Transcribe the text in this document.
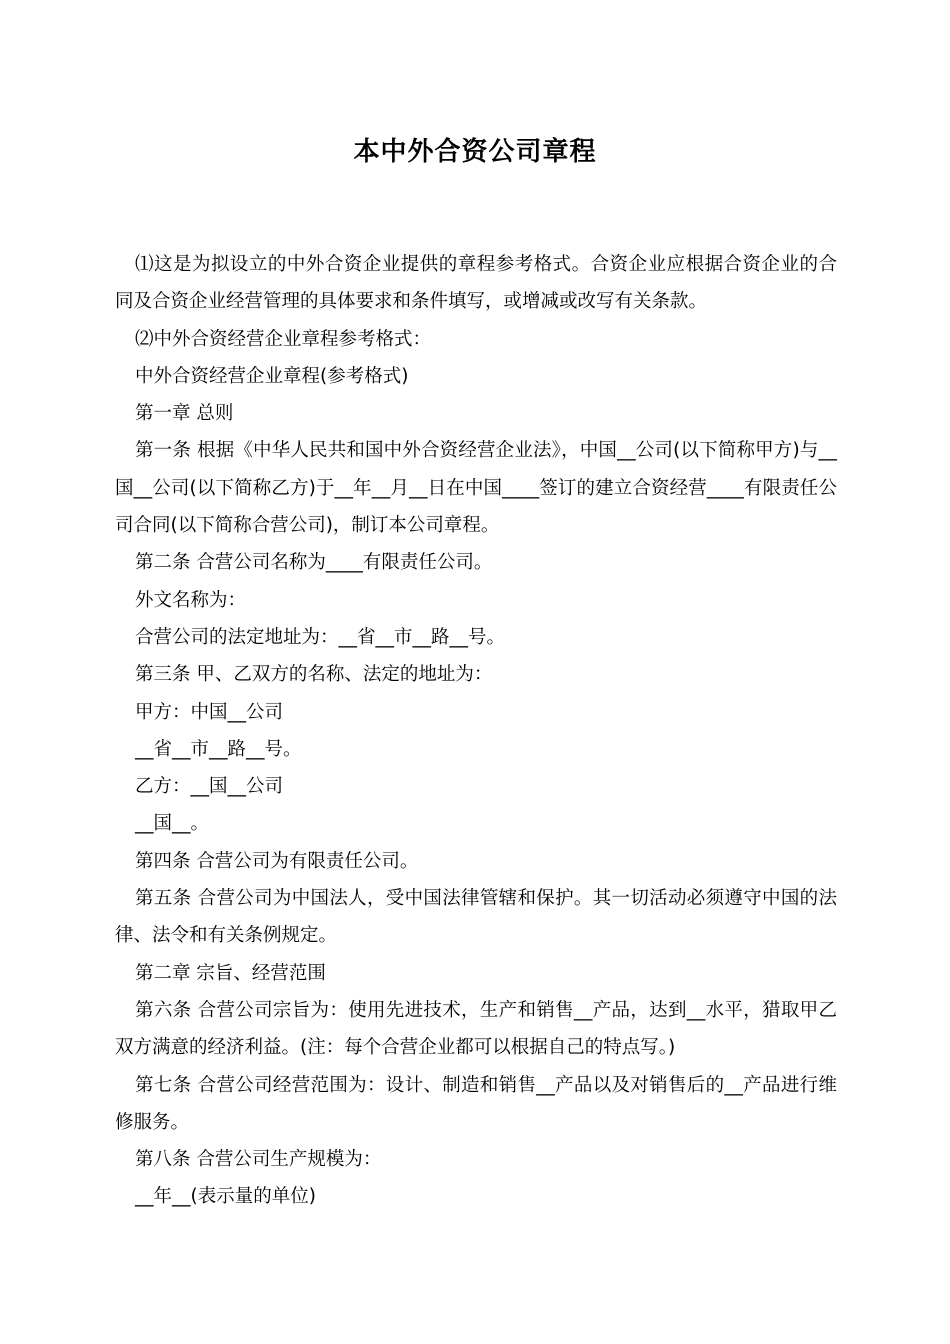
本中外合资公司章程

⑴这是为拟设立的中外合资企业提供的章程参考格式。合资企业应根据合资企业的合同及合资企业经营管理的具体要求和条件填写，或增减或改写有关条款。

⑵中外合资经营企业章程参考格式：

中外合资经营企业章程(参考格式)

第一章 总则

第一条 根据《中华人民共和国中外合资经营企业法》，中国__公司(以下简称甲方)与__国__公司(以下简称乙方)于__年__月__日在中国____签订的建立合资经营____有限责任公司合同(以下简称合营公司)，制订本公司章程。

第二条 合营公司名称为____有限责任公司。

外文名称为：

合营公司的法定地址为：__省__市__路__号。

第三条 甲、乙双方的名称、法定的地址为：

甲方：中国__公司

__省__市__路__号。

乙方：__国__公司

__国__。

第四条 合营公司为有限责任公司。

第五条 合营公司为中国法人，受中国法律管辖和保护。其一切活动必须遵守中国的法律、法令和有关条例规定。

第二章 宗旨、经营范围

第六条 合营公司宗旨为：使用先进技术，生产和销售__产品，达到__水平，猎取甲乙双方满意的经济利益。(注：每个合营企业都可以根据自己的特点写。)

第七条 合营公司经营范围为：设计、制造和销售__产品以及对销售后的__产品进行维修服务。

第八条 合营公司生产规模为：

__年__(表示量的单位)
